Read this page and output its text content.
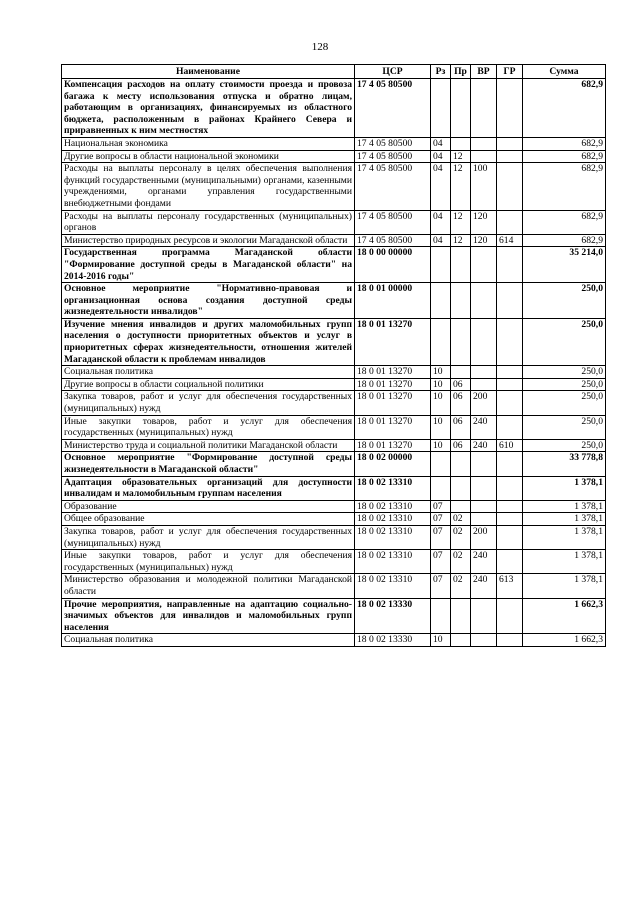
128
Наименование	ЦСР	Рз	Пр	ВР	ГР	Сумма
Компенсация расходов на оплату стоимости проезда и провоза багажа к месту использования отпуска и обратно лицам, работающим в организациях, финансируемых из областного бюджета, расположенным в районах Крайнего Севера и приравненных к ним местностях	17 4 05 80500					682,9
Национальная экономика	17 4 05 80500	04				682,9
Другие вопросы в области национальной экономики	17 4 05 80500	04	12			682,9
Расходы на выплаты персоналу в целях обеспечения выполнения функций государственными (муниципальными) органами, казенными учреждениями, органами управления государственными внебюджетными фондами	17 4 05 80500	04	12	100		682,9
Расходы на выплаты персоналу государственных (муниципальных) органов	17 4 05 80500	04	12	120		682,9
Министерство природных ресурсов и экологии Магаданской области	17 4 05 80500	04	12	120	614	682,9
Государственная программа Магаданской области "Формирование доступной среды в Магаданской области" на 2014-2016 годы"	18 0 00 00000					35 214,0
Основное мероприятие "Нормативно-правовая и организационная основа создания доступной среды жизнедеятельности инвалидов"	18 0 01 00000					250,0
Изучение мнения инвалидов и других маломобильных групп населения о доступности приоритетных объектов и услуг в приоритетных сферах жизнедеятельности, отношения жителей Магаданской области к проблемам инвалидов	18 0 01 13270					250,0
Социальная политика	18 0 01 13270	10				250,0
Другие вопросы в области социальной политики	18 0 01 13270	10	06			250,0
Закупка товаров, работ и услуг для обеспечения государственных (муниципальных) нужд	18 0 01 13270	10	06	200		250,0
Иные закупки товаров, работ и услуг для обеспечения государственных (муниципальных) нужд	18 0 01 13270	10	06	240		250,0
Министерство труда и социальной политики Магаданской области	18 0 01 13270	10	06	240	610	250,0
Основное мероприятие "Формирование доступной среды жизнедеятельности в Магаданской области"	18 0 02 00000					33 778,8
Адаптация образовательных организаций для доступности инвалидам и маломобильным группам населения	18 0 02 13310					1 378,1
Образование	18 0 02 13310	07				1 378,1
Общее образование	18 0 02 13310	07	02			1 378,1
Закупка товаров, работ и услуг для обеспечения государственных (муниципальных) нужд	18 0 02 13310	07	02	200		1 378,1
Иные закупки товаров, работ и услуг для обеспечения государственных (муниципальных) нужд	18 0 02 13310	07	02	240		1 378,1
Министерство образования и молодежной политики Магаданской области	18 0 02 13310	07	02	240	613	1 378,1
Прочие мероприятия, направленные на адаптацию социально-значимых объектов для инвалидов и маломобильных групп населения	18 0 02 13330					1 662,3
Социальная политика	18 0 02 13330	10				1 662,3
